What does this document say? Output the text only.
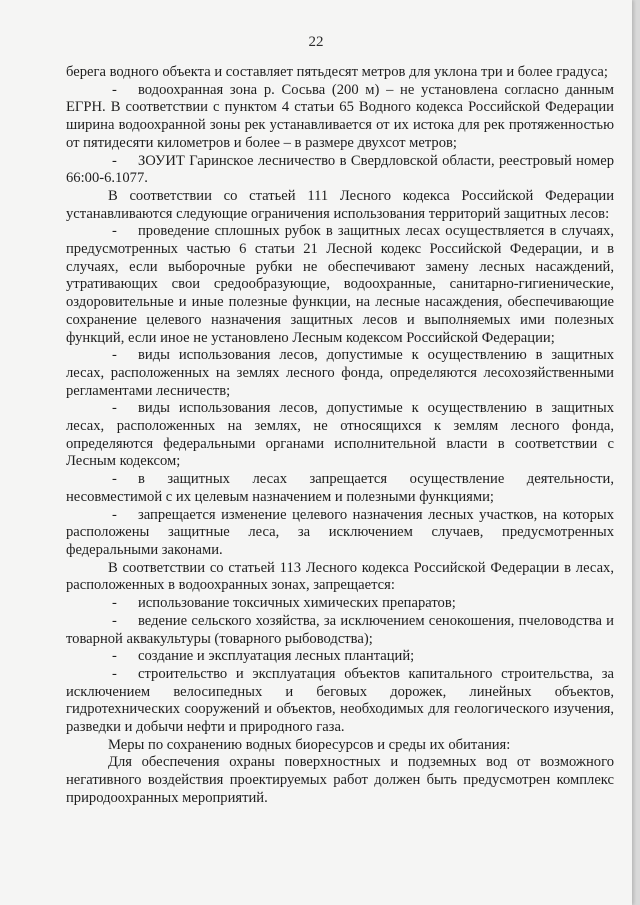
22

берега водного объекта и составляет пятьдесят метров для уклона три и более градуса;

- водоохранная зона р. Сосьва (200 м) – не установлена согласно данным ЕГРН. В соответствии с пунктом 4 статьи 65 Водного кодекса Российской Федерации ширина водоохранной зоны рек устанавливается от их истока для рек протяженностью от пятидесяти километров и более – в размере двухсот метров;

- ЗОУИТ Гаринское лесничество в Свердловской области, реестровый номер 66:00-6.1077.

В соответствии со статьей 111 Лесного кодекса Российской Федерации устанавливаются следующие ограничения использования территорий защитных лесов:

- проведение сплошных рубок в защитных лесах осуществляется в случаях, предусмотренных частью 6 статьи 21 Лесной кодекс Российской Федерации, и в случаях, если выборочные рубки не обеспечивают замену лесных насаждений, утративающих свои средообразующие, водоохранные, санитарно-гигиенические, оздоровительные и иные полезные функции, на лесные насаждения, обеспечивающие сохранение целевого назначения защитных лесов и выполняемых ими полезных функций, если иное не установлено Лесным кодексом Российской Федерации;

- виды использования лесов, допустимые к осуществлению в защитных лесах, расположенных на землях лесного фонда, определяются лесохозяйственными регламентами лесничеств;

- виды использования лесов, допустимые к осуществлению в защитных лесах, расположенных на землях, не относящихся к землям лесного фонда, определяются федеральными органами исполнительной власти в соответствии с Лесным кодексом;

- в защитных лесах запрещается осуществление деятельности, несовместимой с их целевым назначением и полезными функциями;

- запрещается изменение целевого назначения лесных участков, на которых расположены защитные леса, за исключением случаев, предусмотренных федеральными законами.

В соответствии со статьей 113 Лесного кодекса Российской Федерации в лесах, расположенных в водоохранных зонах, запрещается:

- использование токсичных химических препаратов;

- ведение сельского хозяйства, за исключением сенокошения, пчеловодства и товарной аквакультуры (товарного рыбоводства);

- создание и эксплуатация лесных плантаций;

- строительство и эксплуатация объектов капитального строительства, за исключением велосипедных и беговых дорожек, линейных объектов, гидротехнических сооружений и объектов, необходимых для геологического изучения, разведки и добычи нефти и природного газа.

Меры по сохранению водных биоресурсов и среды их обитания:

Для обеспечения охраны поверхностных и подземных вод от возможного негативного воздействия проектируемых работ должен быть предусмотрен комплекс природоохранных мероприятий.
